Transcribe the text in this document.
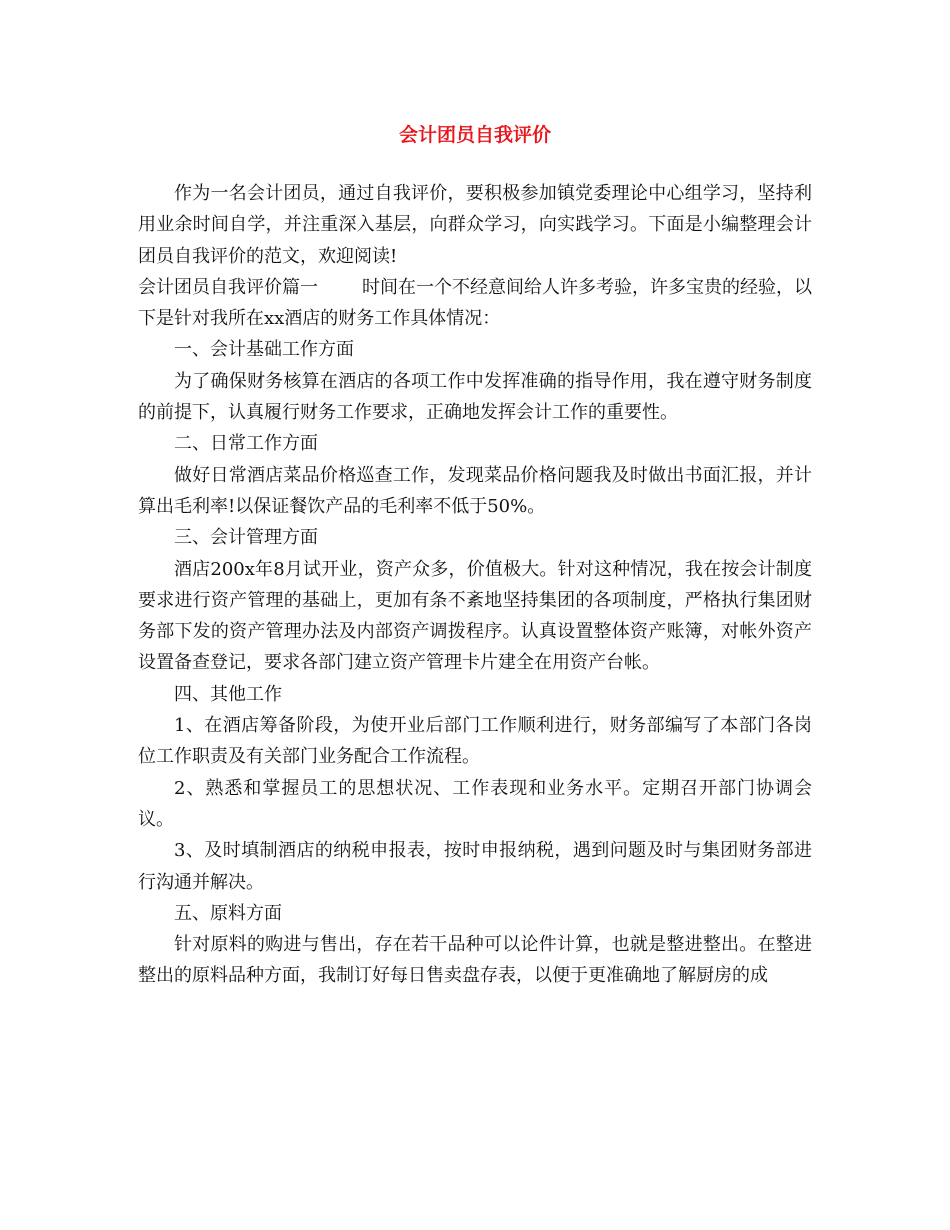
会计团员自我评价

作为一名会计团员，通过自我评价，要积极参加镇党委理论中心组学习，坚持利用业余时间自学，并注重深入基层，向群众学习，向实践学习。下面是小编整理会计团员自我评价的范文，欢迎阅读!

会计团员自我评价篇一 时间在一个不经意间给人许多考验，许多宝贵的经验，以下是针对我所在xx酒店的财务工作具体情况：

一、会计基础工作方面

为了确保财务核算在酒店的各项工作中发挥准确的指导作用，我在遵守财务制度的前提下，认真履行财务工作要求，正确地发挥会计工作的重要性。

二、日常工作方面

做好日常酒店菜品价格巡查工作，发现菜品价格问题我及时做出书面汇报，并计算出毛利率!以保证餐饮产品的毛利率不低于50%。

三、会计管理方面

酒店200x年8月试开业，资产众多，价值极大。针对这种情况，我在按会计制度要求进行资产管理的基础上，更加有条不紊地坚持集团的各项制度，严格执行集团财务部下发的资产管理办法及内部资产调拨程序。认真设置整体资产账簿，对帐外资产设置备查登记，要求各部门建立资产管理卡片建全在用资产台帐。

四、其他工作

1、在酒店筹备阶段，为使开业后部门工作顺利进行，财务部编写了本部门各岗位工作职责及有关部门业务配合工作流程。

2、熟悉和掌握员工的思想状况、工作表现和业务水平。定期召开部门协调会议。

3、及时填制酒店的纳税申报表，按时申报纳税，遇到问题及时与集团财务部进行沟通并解决。

五、原料方面

针对原料的购进与售出，存在若干品种可以论件计算，也就是整进整出。在整进整出的原料品种方面，我制订好每日售卖盘存表，以便于更准确地了解厨房的成
